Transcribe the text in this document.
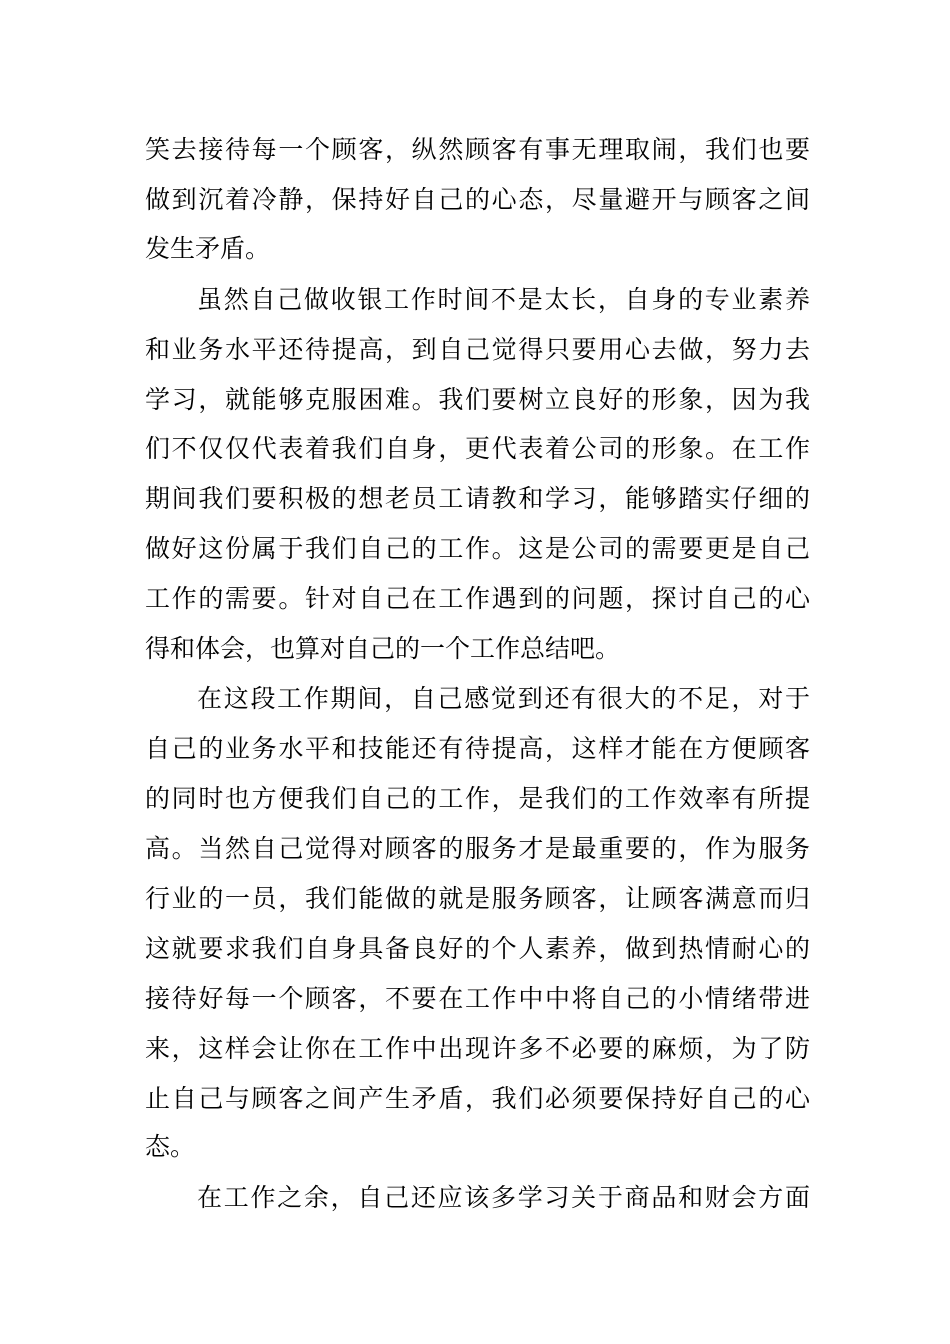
笑去接待每一个顾客，纵然顾客有事无理取闹，我们也要
做到沉着冷静，保持好自己的心态，尽量避开与顾客之间
发生矛盾。
虽然自己做收银工作时间不是太长，自身的专业素养
和业务水平还待提高，到自己觉得只要用心去做，努力去
学习，就能够克服困难。我们要树立良好的形象，因为我
们不仅仅代表着我们自身，更代表着公司的形象。在工作
期间我们要积极的想老员工请教和学习，能够踏实仔细的
做好这份属于我们自己的工作。这是公司的需要更是自己
工作的需要。针对自己在工作遇到的问题，探讨自己的心
得和体会，也算对自己的一个工作总结吧。
在这段工作期间，自己感觉到还有很大的不足，对于
自己的业务水平和技能还有待提高，这样才能在方便顾客
的同时也方便我们自己的工作，是我们的工作效率有所提
高。当然自己觉得对顾客的服务才是最重要的，作为服务
行业的一员，我们能做的就是服务顾客，让顾客满意而归
这就要求我们自身具备良好的个人素养，做到热情耐心的
接待好每一个顾客，不要在工作中中将自己的小情绪带进
来，这样会让你在工作中出现许多不必要的麻烦，为了防
止自己与顾客之间产生矛盾，我们必须要保持好自己的心
态。
在工作之余，自己还应该多学习关于商品和财会方面
